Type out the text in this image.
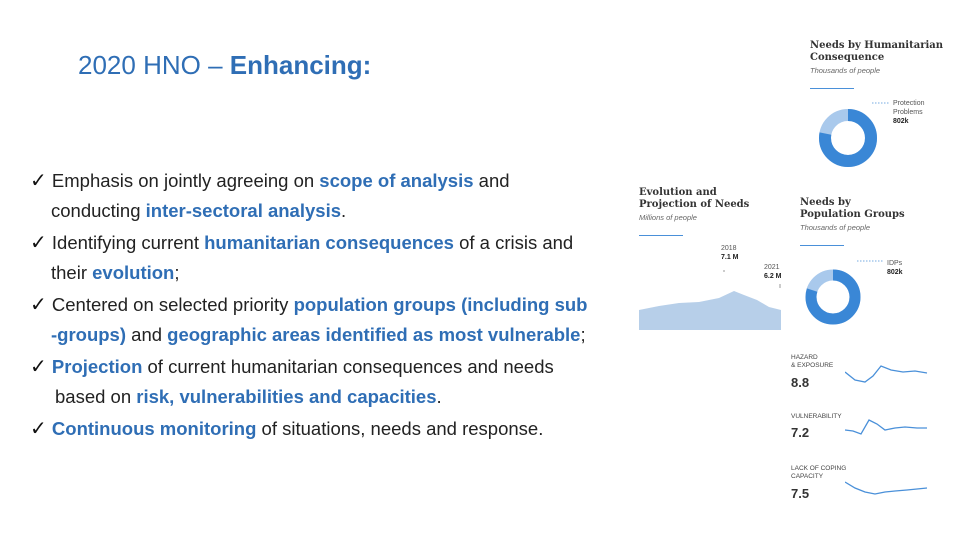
2020 HNO – Enhancing:
✓ Emphasis on jointly agreeing on scope of analysis and
conducting inter-sectoral analysis.
✓ Identifying current humanitarian consequences of a crisis and
their evolution;
✓ Centered on selected priority population groups (including sub
-groups) and geographic areas identified as most vulnerable;
✓ Projection of current humanitarian consequences and needs
based on risk, vulnerabilities and capacities.
✓ Continuous monitoring of situations, needs and response.
Needs by Humanitarian
Consequence
Thousands of people
Protection
Problems
802k
Evolution and
Projection of Needs
Millions of people
2018
7.1 M
2021
6.2 M
Needs by
Population Groups
Thousands of people
IDPs
802k
HAZARD
& EXPOSURE
8.8
VULNERABILITY
7.2
LACK OF COPING
CAPACITY
7.5
